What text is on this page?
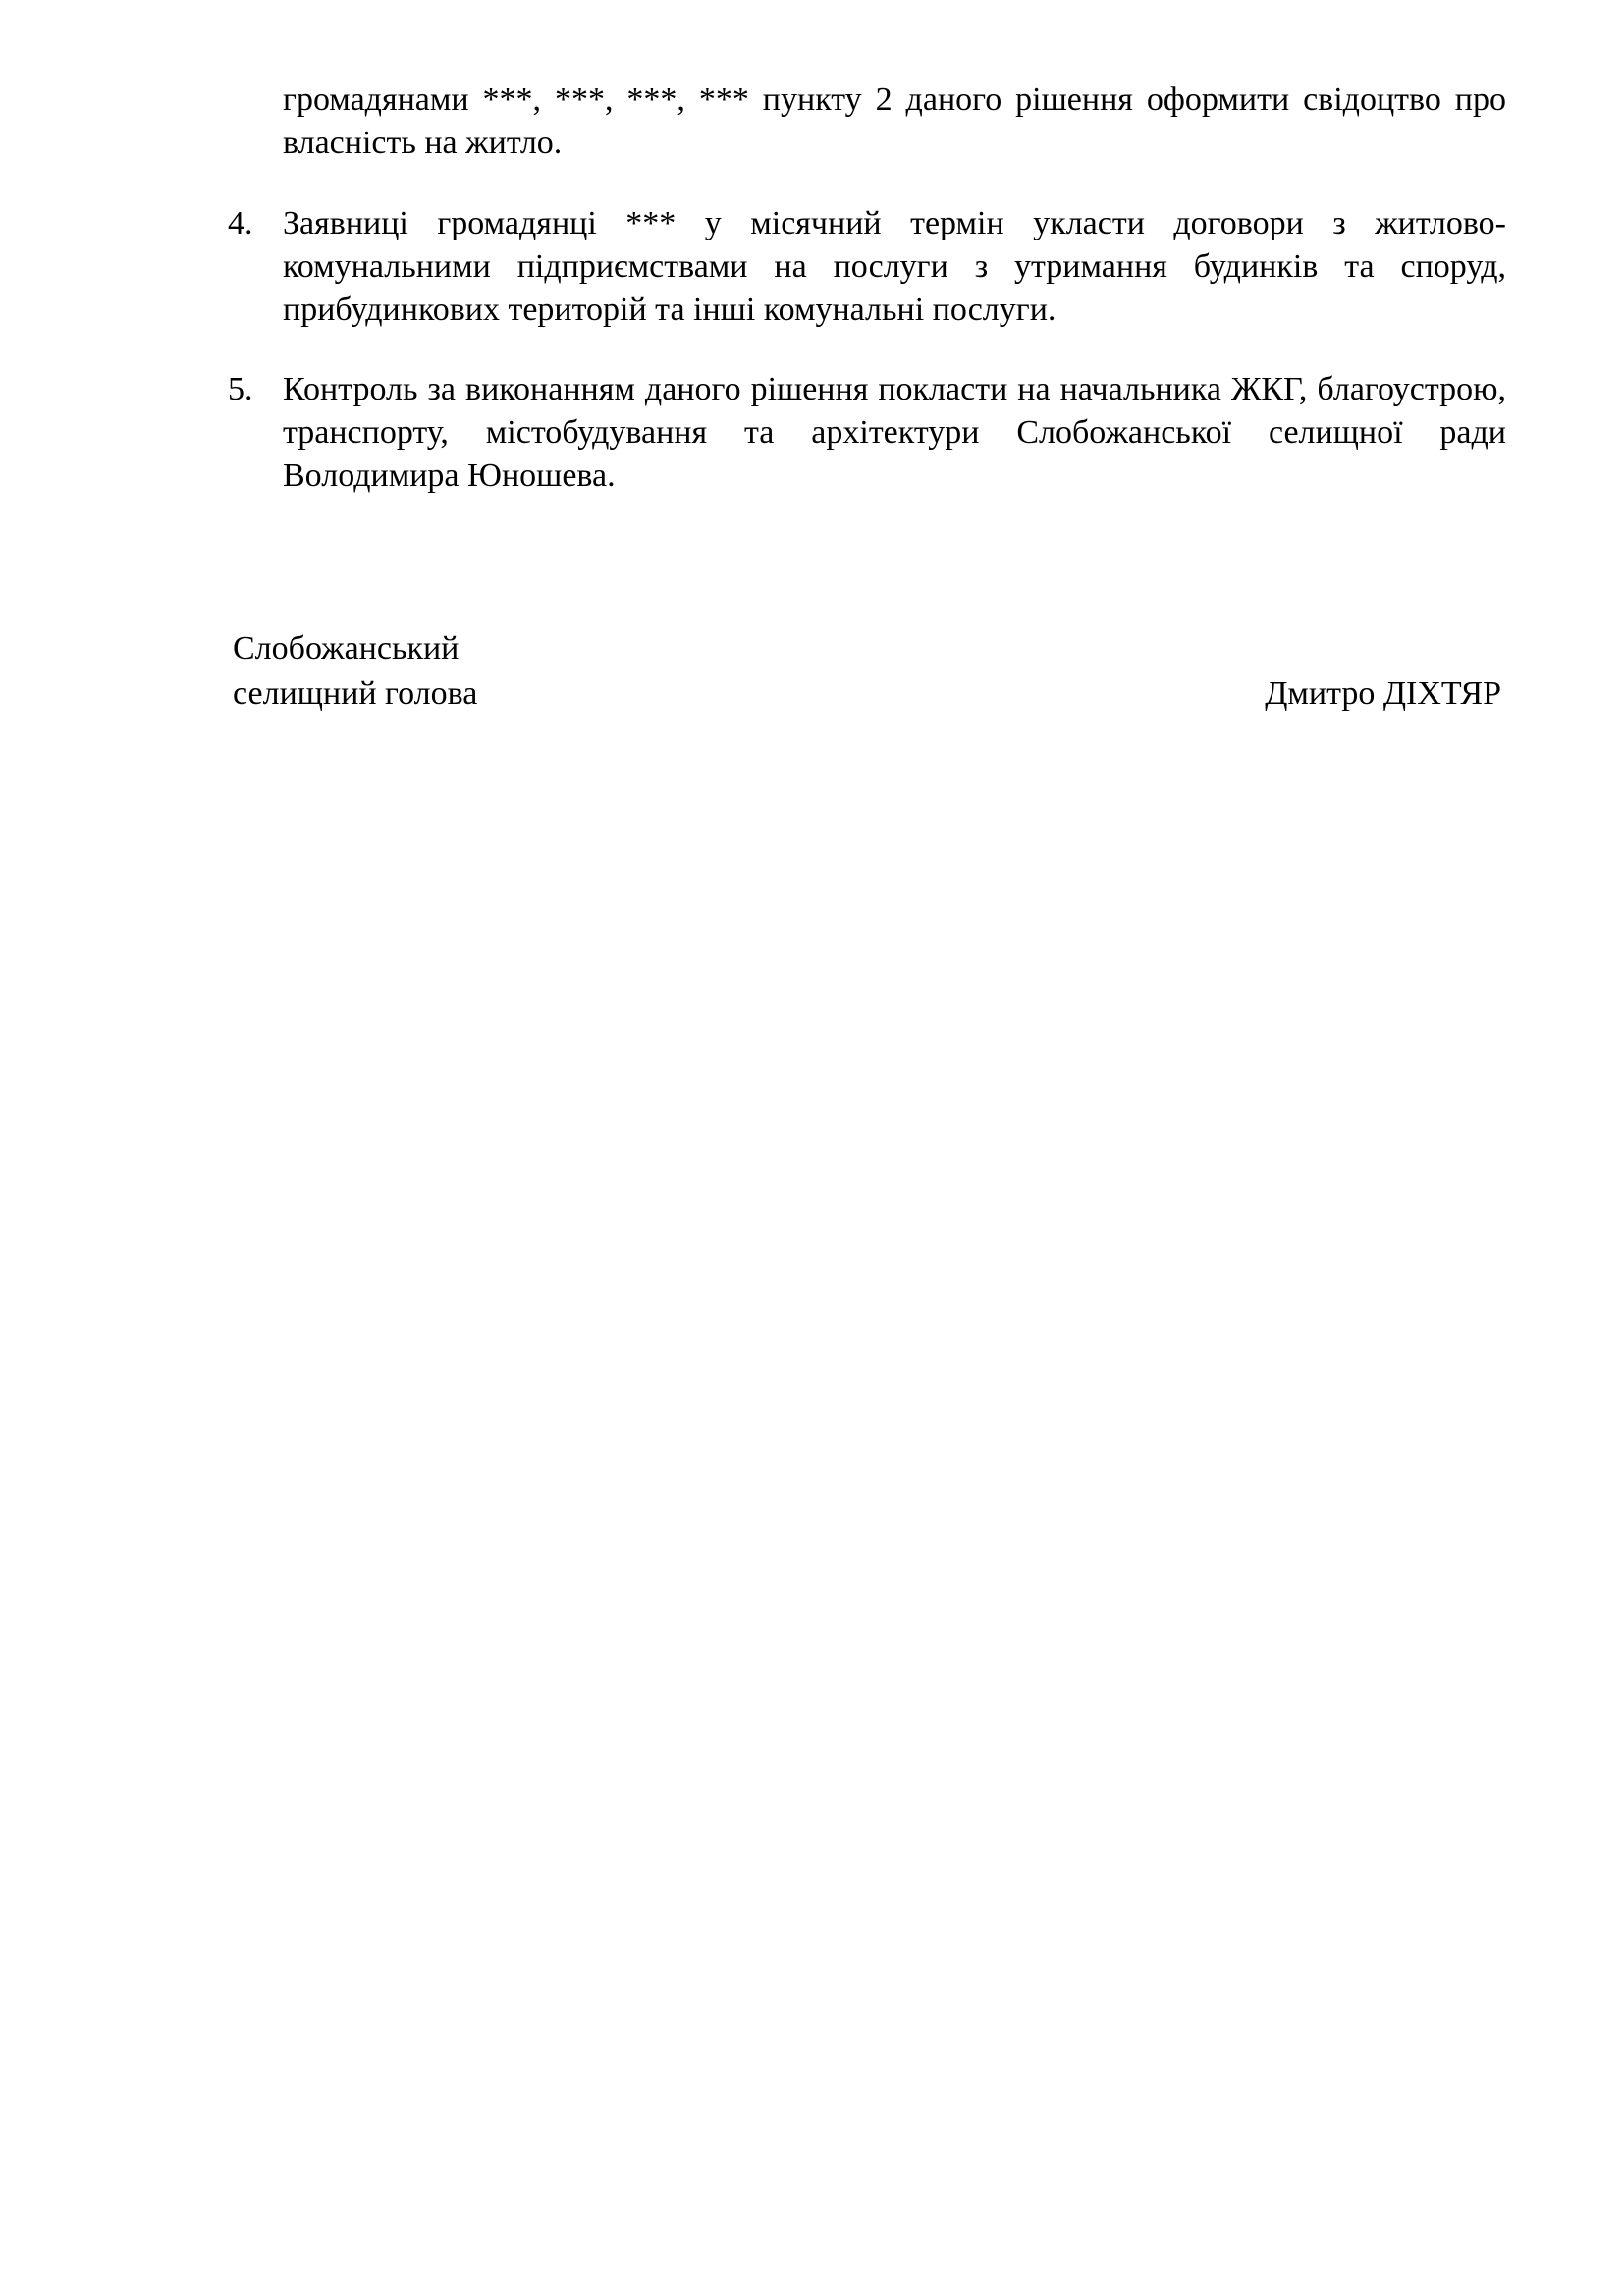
громадянами ***, ***, ***, *** пункту 2 даного рішення оформити свідоцтво про власність на житло.

4. Заявниці громадянці *** у місячний термін укласти договори з житлово-комунальними підприємствами на послуги з утримання будинків та споруд, прибудинкових територій та інші комунальні послуги.
5. Контроль за виконанням даного рішення покласти на начальника ЖКГ, благоустрою, транспорту, містобудування та архітектури Слобожанської селищної ради Володимира Юношева.
Слобожанський
селищний голова	Дмитро ДІХТЯР
